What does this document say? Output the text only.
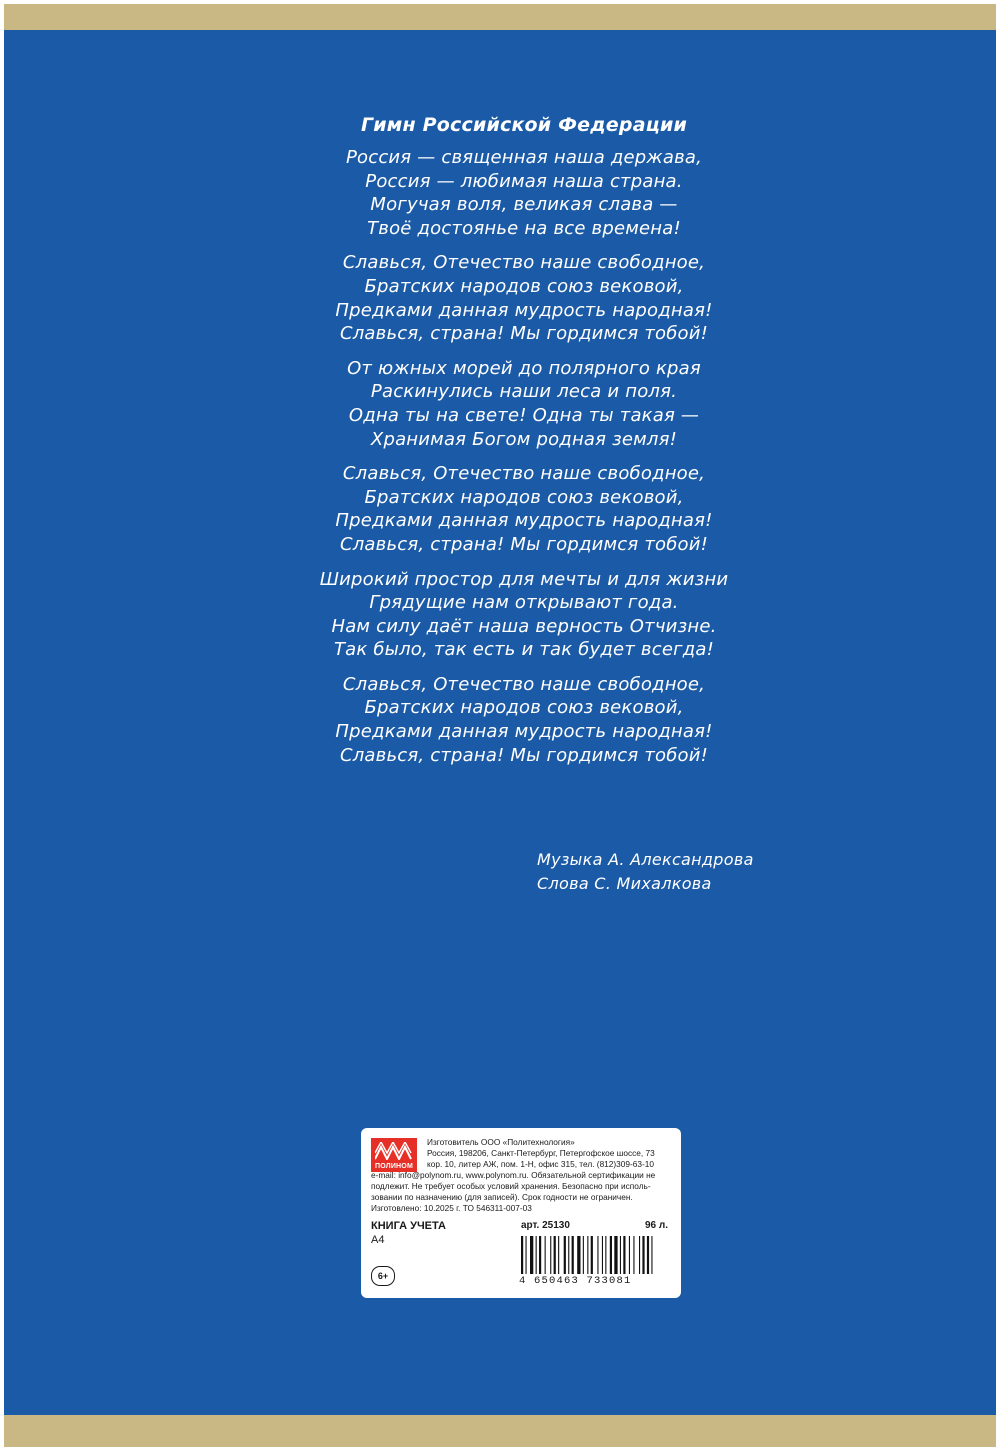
Гимн Российской Федерации
Россия — священная наша держава,
Россия — любимая наша страна.
Могучая воля, великая слава —
Твоё достоянье на все времена!
Славься, Отечество наше свободное,
Братских народов союз вековой,
Предками данная мудрость народная!
Славься, страна! Мы гордимся тобой!
От южных морей до полярного края
Раскинулись наши леса и поля.
Одна ты на свете! Одна ты такая —
Хранимая Богом родная земля!
Славься, Отечество наше свободное,
Братских народов союз вековой,
Предками данная мудрость народная!
Славься, страна! Мы гордимся тобой!
Широкий простор для мечты и для жизни
Грядущие нам открывают года.
Нам силу даёт наша верность Отчизне.
Так было, так есть и так будет всегда!
Славься, Отечество наше свободное,
Братских народов союз вековой,
Предками данная мудрость народная!
Славься, страна! Мы гордимся тобой!
Музыка А. Александрова
Слова С. Михалкова
ПОЛИНОМ
Изготовитель ООО «Политехнология»
Россия, 198206, Санкт-Петербург, Петергофское шоссе, 73
кор. 10, литер АЖ, пом. 1-Н, офис 315, тел. (812)309-63-10
e-mail: info@polynom.ru, www.polynom.ru. Обязательной сертификации не
подлежит. Не требует особых условий хранения. Безопасно при исполь-
зовании по назначению (для записей). Срок годности не ограничен.
Изготовлено: 10.2025 г. ТО 546311-007-03
КНИГА УЧЕТА
А4
арт. 25130	96 л.
6+	4 650463 733081
